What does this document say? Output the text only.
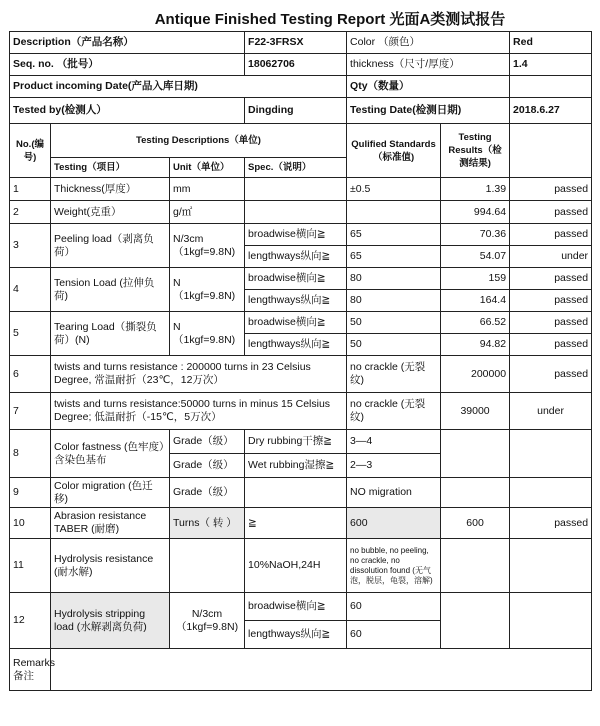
Antique Finished Testing Report 光面A类测试报告
Description（产品名称）			F22-3FRSX	Color （颜色）		Red
Seq. no. （批号）			18062706	thickness（尺寸/厚度）		1.4
Product incoming Date(产品入库日期)				Qty（数量）		
Tested by(检测人）			Dingding	Testing Date(检测日期)		2018.6.27
No.(编号)	Testing Descriptions（单位)			Qulified Standards（标准值)	Testing Results（检测结果)	
	Testing（项目）	Unit（单位）	Spec.（说明）			
1	Thickness(厚度）	mm		±0.5	1.39	passed
2	Weight(克重）	g/㎡			994.64	passed
3	Peeling load（剥离负荷）	N/3cm （1kgf=9.8N)	broadwise横向≧	65	70.36	passed
			lengthways纵向≧	65	54.07	under
4	Tension Load (拉伸负荷)	N （1kgf=9.8N)	broadwise横向≧	80	159	passed
			lengthways纵向≧	80	164.4	passed
5	Tearing Load（撕裂负荷）(N)	N （1kgf=9.8N)	broadwise横向≧	50	66.52	passed
			lengthways纵向≧	50	94.82	passed
6	twists and turns resistance : 200000 turns in 23 Celsius Degree, 常温耐折（23℃，12万次）			no crackle (无裂纹)	200000	passed
7	twists and turns resistance:50000 turns in minus 15 Celsius Degree; 低温耐折（-15℃，5万次）			no crackle (无裂纹)	39000	under
8	Color fastness (色牢度）含染色基布	Grade（级）	Dry rubbing干擦≧	3—4		
		Grade（级）	Wet rubbing湿擦≧	2—3		
9	Color migration (色迁移)	Grade（级）		NO migration		
10	Abrasion resistance TABER (耐磨)	Turns（ 转 ）	≧	600	600	passed
11	Hydrolysis resistance (耐水解)		10%NaOH,24H	no bubble, no peeling, no crackle, no dissolution found (无气泡，脱层，龟裂，溶解)		
12	Hydrolysis stripping load (水解剥离负荷)	N/3cm （1kgf=9.8N)	broadwise横向≧	60		
			lengthways纵向≧	60		
Remarks 备注						
